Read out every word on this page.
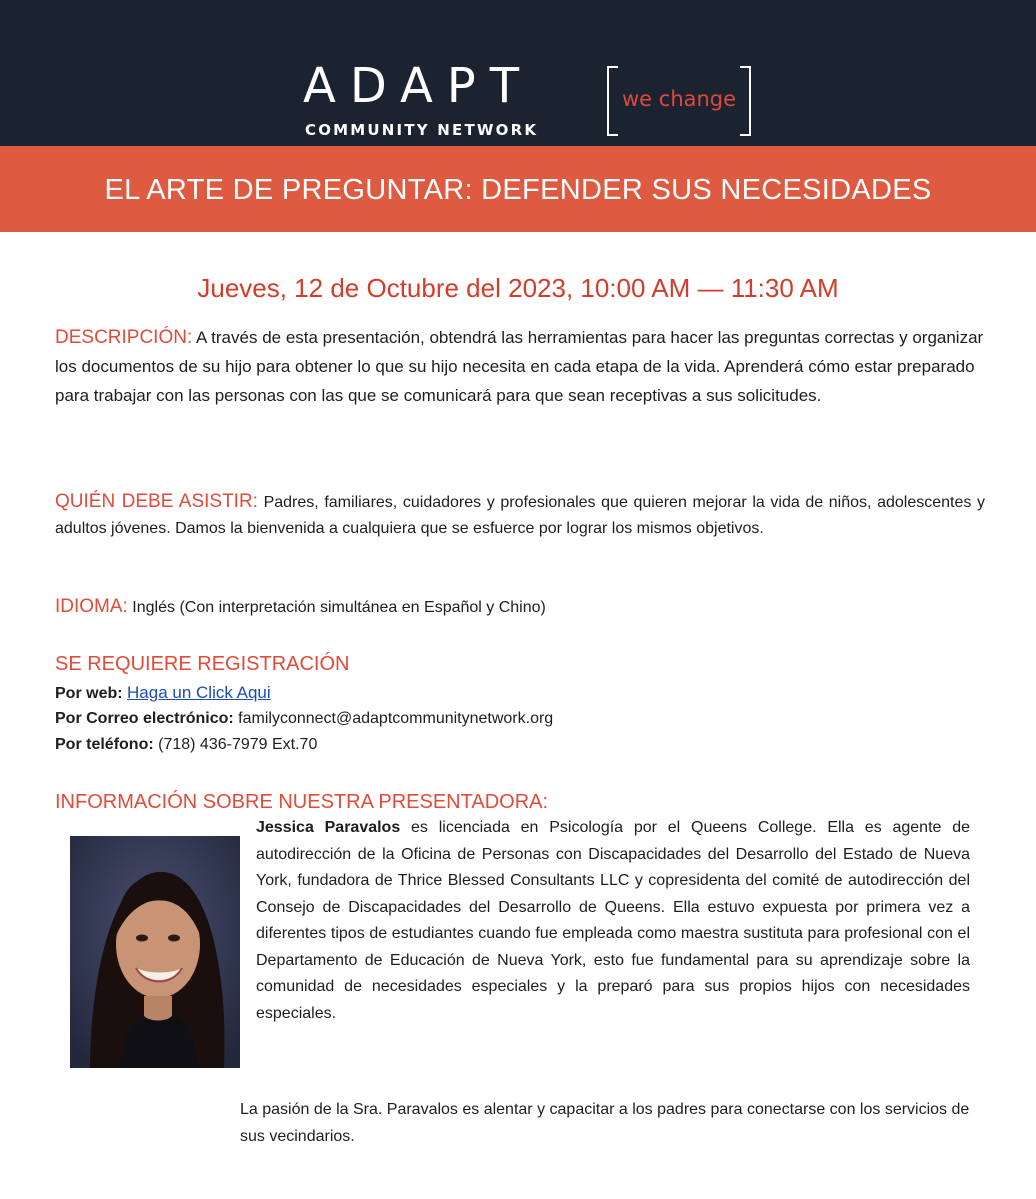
ADAPT
COMMUNITY NETWORK
we change
EL ARTE DE PREGUNTAR: DEFENDER SUS NECESIDADES
Jueves, 12 de Octubre del 2023, 10:00 AM — 11:30 AM
DESCRIPCIÓN: A través de esta presentación, obtendrá las herramientas para hacer las preguntas correctas y organizar los documentos de su hijo para obtener lo que su hijo necesita en cada etapa de la vida. Aprenderá cómo estar preparado para trabajar con las personas con las que se comunicará para que sean receptivas a sus solicitudes.
QUIÉN DEBE ASISTIR: Padres, familiares, cuidadores y profesionales que quieren mejorar la vida de niños, adolescentes y adultos jóvenes. Damos la bienvenida a cualquiera que se esfuerce por lograr los mismos objetivos.
IDIOMA: Inglés (Con interpretación simultánea en Español y Chino)
SE REQUIERE REGISTRACIÓN
Por web: Haga un Click Aqui
Por Correo electrónico: familyconnect@adaptcommunitynetwork.org
Por teléfono: (718) 436-7979 Ext.70
INFORMACIÓN SOBRE NUESTRA PRESENTADORA:
Jessica Paravalos es licenciada en Psicología por el Queens College. Ella es agente de autodirección de la Oficina de Personas con Discapacidades del Desarrollo del Estado de Nueva York, fundadora de Thrice Blessed Consultants LLC y copresidenta del comité de autodirección del Consejo de Discapacidades del Desarrollo de Queens. Ella estuvo expuesta por primera vez a diferentes tipos de estudiantes cuando fue empleada como maestra sustituta para profesional con el Departamento de Educación de Nueva York, esto fue fundamental para su aprendizaje sobre la comunidad de necesidades especiales y la preparó para sus propios hijos con necesidades especiales.
La pasión de la Sra. Paravalos es alentar y capacitar a los padres para conectarse con los servicios de sus vecindarios.
